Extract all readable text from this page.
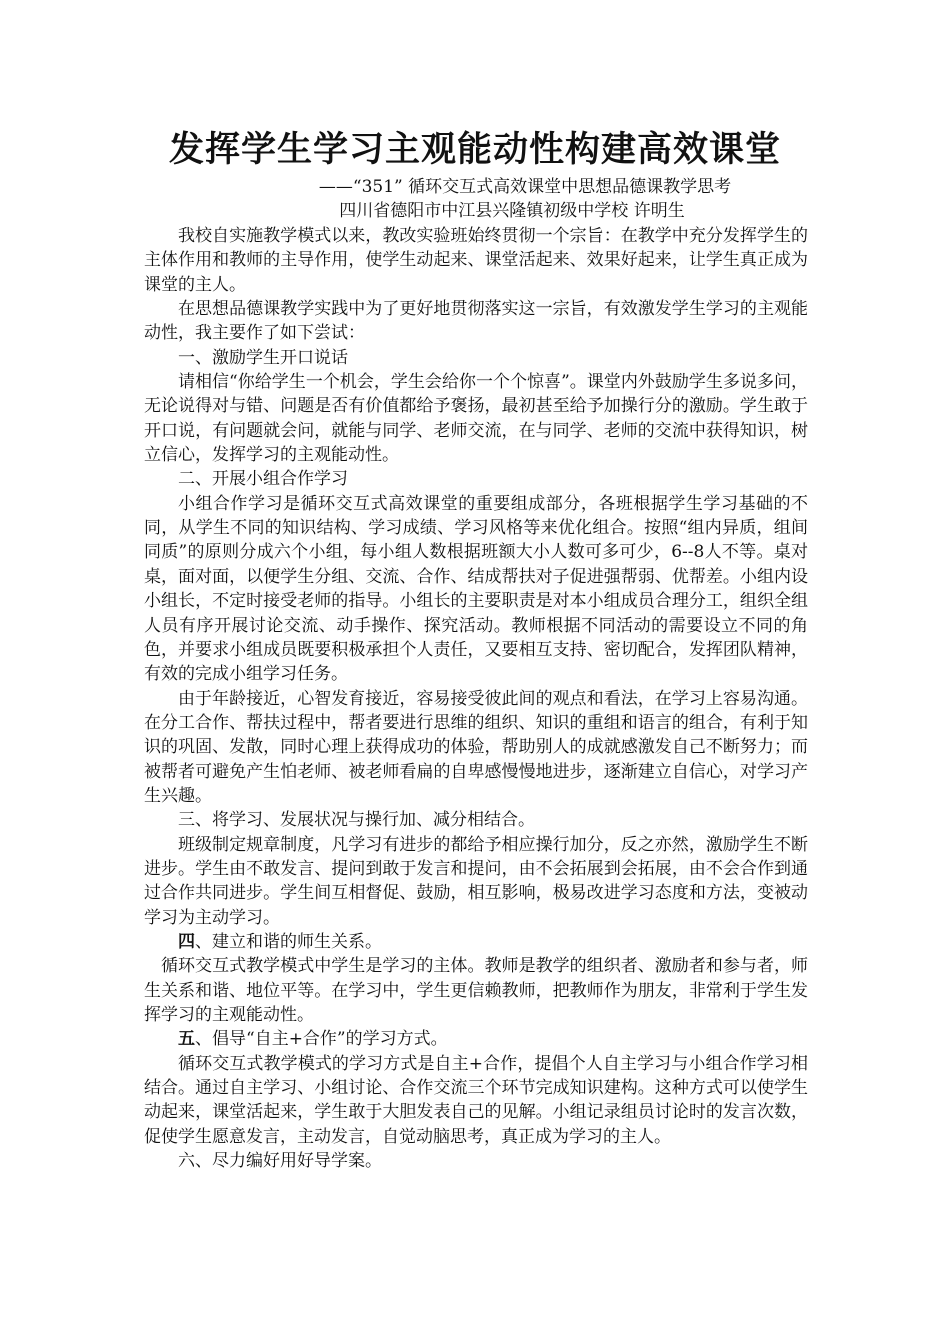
发挥学生学习主观能动性构建高效课堂
——“351” 循环交互式高效课堂中思想品德课教学思考
四川省德阳市中江县兴隆镇初级中学校 许明生

我校自实施教学模式以来，教改实验班始终贯彻一个宗旨：在教学中充分发挥学生的主体作用和教师的主导作用，使学生动起来、课堂活起来、效果好起来，让学生真正成为课堂的主人。

在思想品德课教学实践中为了更好地贯彻落实这一宗旨，有效激发学生学习的主观能动性，我主要作了如下尝试：

一、激励学生开口说话

请相信“你给学生一个机会，学生会给你一个个惊喜”。课堂内外鼓励学生多说多问，无论说得对与错、问题是否有价值都给予褒扬，最初甚至给予加操行分的激励。学生敢于开口说，有问题就会问，就能与同学、老师交流，在与同学、老师的交流中获得知识，树立信心，发挥学习的主观能动性。

二、开展小组合作学习

小组合作学习是循环交互式高效课堂的重要组成部分，各班根据学生学习基础的不同，从学生不同的知识结构、学习成绩、学习风格等来优化组合。按照“组内异质，组间同质”的原则分成六个小组，每小组人数根据班额大小人数可多可少，6--8人不等。桌对桌，面对面，以便学生分组、交流、合作、结成帮扶对子促进强帮弱、优帮差。小组内设小组长，不定时接受老师的指导。小组长的主要职责是对本小组成员合理分工，组织全组人员有序开展讨论交流、动手操作、探究活动。教师根据不同活动的需要设立不同的角色，并要求小组成员既要积极承担个人责任，又要相互支持、密切配合，发挥团队精神，有效的完成小组学习任务。

由于年龄接近，心智发育接近，容易接受彼此间的观点和看法，在学习上容易沟通。在分工合作、帮扶过程中，帮者要进行思维的组织、知识的重组和语言的组合，有利于知识的巩固、发散，同时心理上获得成功的体验，帮助别人的成就感激发自己不断努力；而被帮者可避免产生怕老师、被老师看扁的自卑感慢慢地进步，逐渐建立自信心，对学习产生兴趣。

三、将学习、发展状况与操行加、减分相结合。

班级制定规章制度，凡学习有进步的都给予相应操行加分，反之亦然，激励学生不断进步。学生由不敢发言、提问到敢于发言和提问，由不会拓展到会拓展，由不会合作到通过合作共同进步。学生间互相督促、鼓励，相互影响，极易改进学习态度和方法，变被动学习为主动学习。

四、建立和谐的师生关系。

循环交互式教学模式中学生是学习的主体。教师是教学的组织者、激励者和参与者，师生关系和谐、地位平等。在学习中，学生更信赖教师，把教师作为朋友，非常利于学生发挥学习的主观能动性。

五、倡导“自主+合作”的学习方式。

循环交互式教学模式的学习方式是自主+合作，提倡个人自主学习与小组合作学习相结合。通过自主学习、小组讨论、合作交流三个环节完成知识建构。这种方式可以使学生动起来，课堂活起来，学生敢于大胆发表自己的见解。小组记录组员讨论时的发言次数，促使学生愿意发言，主动发言，自觉动脑思考，真正成为学习的主人。

六、尽力编好用好导学案。
